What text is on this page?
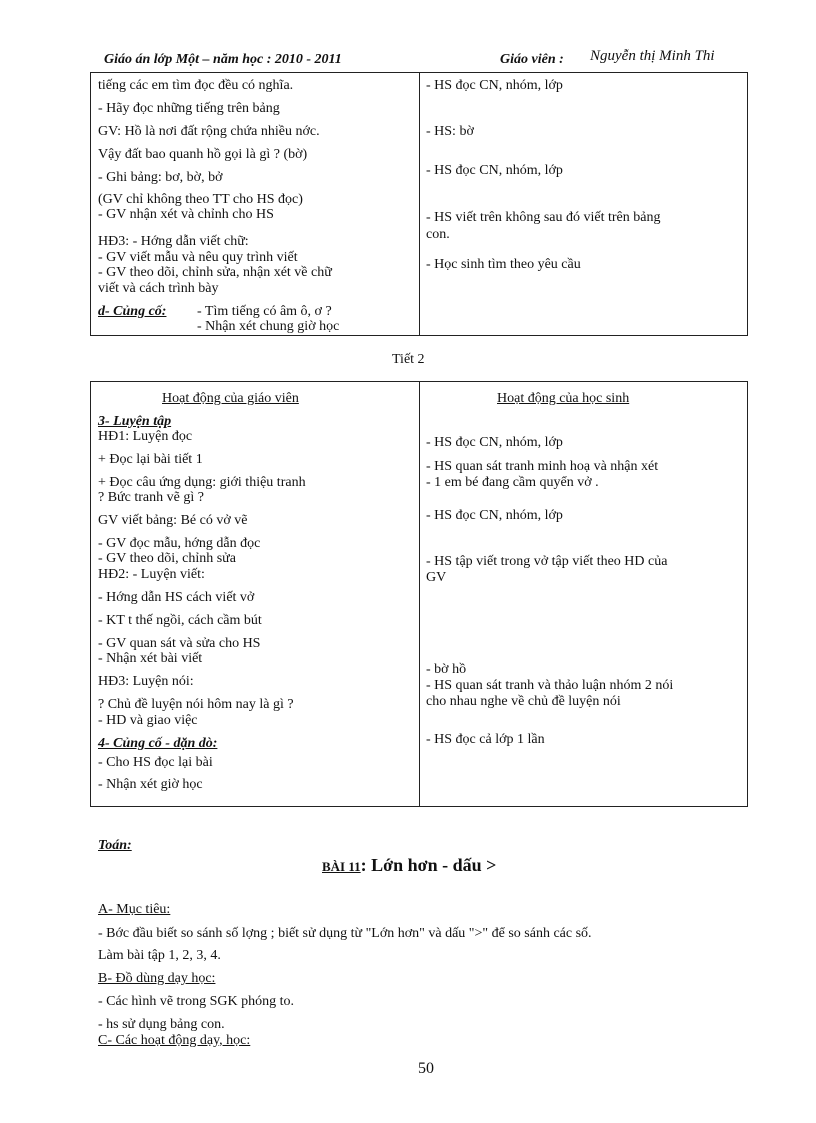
Giáo án lớp Một – năm học : 2010 - 2011	Giáo viên : Nguyễn thị Minh Thi
tiếng các em tìm đọc đều có nghĩa.
- Hãy đọc những tiếng trên bảng
GV: Hồ là nơi đất rộng chứa nhiều nớc.
Vậy đất bao quanh hồ gọi là gì ? (bờ)
- Ghi bảng: bơ, bờ, bở
(GV chỉ không theo TT cho HS đọc)
- GV nhận xét và chỉnh cho HS
HĐ3: - Hớng dẫn viết chữ:
- GV viết mẫu và nêu quy trình viết
- GV theo dõi, chỉnh sửa, nhận xét về chữ
viết và cách trình bày
d- Củng cố: - Tìm tiếng có âm ô, ơ ?
- Nhận xét chung giờ học
- HS đọc CN, nhóm, lớp
- HS: bờ
- HS đọc CN, nhóm, lớp
- HS viết trên không sau đó viết trên bảng
con.
- Học sinh tìm theo yêu cầu
Tiết 2
Hoạt động của giáo viên	Hoạt động của học sinh
3- Luyện tập
HĐ1: Luyện đọc
+ Đọc lại bài tiết 1
+ Đọc câu ứng dụng: giới thiệu tranh
? Bức tranh vẽ gì ?
GV viết bảng: Bé có vở vẽ
- GV đọc mẫu, hớng dẫn đọc
- GV theo dõi, chỉnh sửa
HĐ2: - Luyện viết:
- Hớng dẫn HS cách viết vở
- KT t thế ngồi, cách cầm bút
- GV quan sát và sửa cho HS
- Nhận xét bài viết
HĐ3: Luyện nói:
? Chủ đề luyện nói hôm nay là gì ?
- HD và giao việc
4- Củng cố - dặn dò:
- Cho HS đọc lại bài
- Nhận xét giờ học
- HS đọc CN, nhóm, lớp
- HS quan sát tranh minh hoạ và nhận xét
- 1 em bé đang cầm quyển vở .
- HS đọc CN, nhóm, lớp
- HS tập viết trong vở tập viết theo HD của
GV
- bờ hồ
- HS quan sát tranh và thảo luận nhóm 2 nói
cho nhau nghe về chủ đề luyện nói
- HS đọc cả lớp 1 lần
Toán:
BÀI 11: Lớn hơn - dấu >
A- Mục tiêu:
- Bớc đầu biết so sánh số lợng ; biết sử dụng từ "Lớn hơn" và dấu ">" để so sánh các số.
Làm bài tập 1, 2, 3, 4.
B- Đồ dùng dạy học:
- Các hình vẽ trong SGK phóng to.
- hs sử dụng bảng con.
C- Các hoạt động dạy, học:
50
